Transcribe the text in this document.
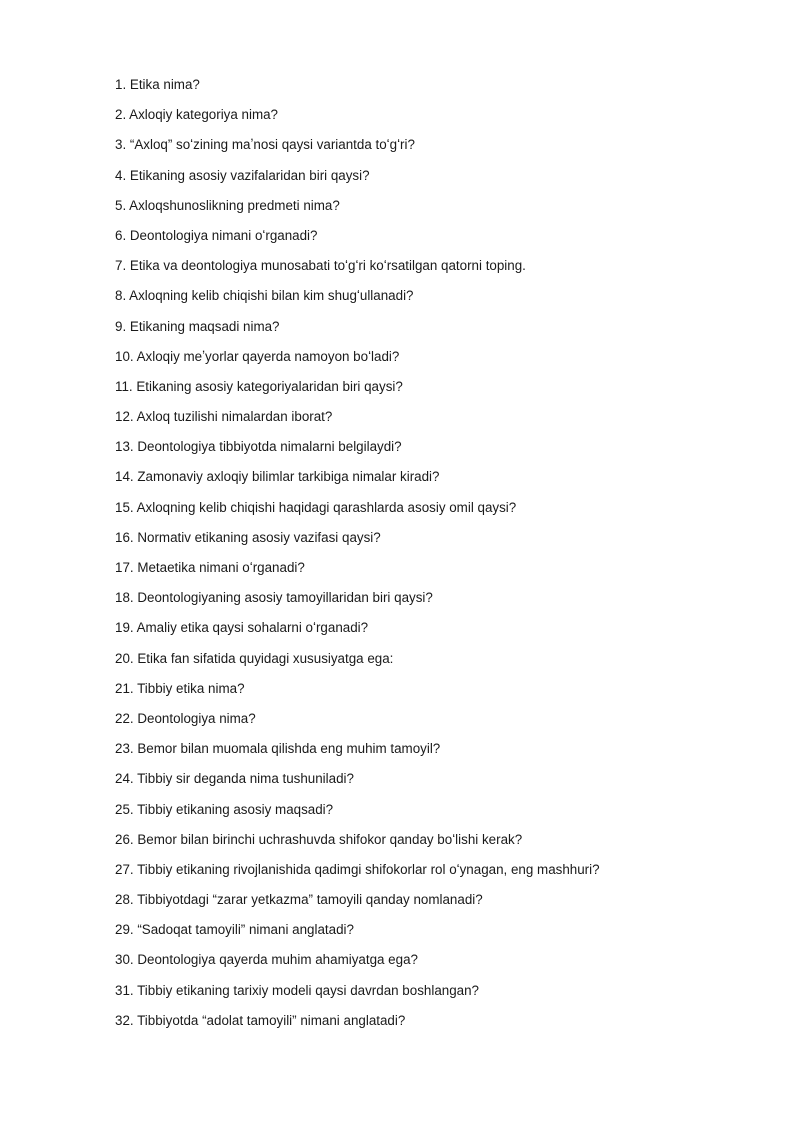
1. Etika nima?
2. Axloqiy kategoriya nima?
3. “Axloq” soʻzining maʼnosi qaysi variantda toʻgʻri?
4. Etikaning asosiy vazifalaridan biri qaysi?
5. Axloqshunoslikning predmeti nima?
6. Deontologiya nimani oʻrganadi?
7. Etika va deontologiya munosabati toʻgʻri koʻrsatilgan qatorni toping.
8. Axloqning kelib chiqishi bilan kim shugʻullanadi?
9. Etikaning maqsadi nima?
10. Axloqiy meʼyorlar qayerda namoyon boʻladi?
11. Etikaning asosiy kategoriyalaridan biri qaysi?
12. Axloq tuzilishi nimalardan iborat?
13. Deontologiya tibbiyotda nimalarni belgilaydi?
14. Zamonaviy axloqiy bilimlar tarkibiga nimalar kiradi?
15. Axloqning kelib chiqishi haqidagi qarashlarda asosiy omil qaysi?
16. Normativ etikaning asosiy vazifasi qaysi?
17. Metaetika nimani oʻrganadi?
18. Deontologiyaning asosiy tamoyillaridan biri qaysi?
19. Amaliy etika qaysi sohalarni oʻrganadi?
20. Etika fan sifatida quyidagi xususiyatga ega:
21. Tibbiy etika nima?
22. Deontologiya nima?
23. Bemor bilan muomala qilishda eng muhim tamoyil?
24. Tibbiy sir deganda nima tushuniladi?
25. Tibbiy etikaning asosiy maqsadi?
26. Bemor bilan birinchi uchrashuvda shifokor qanday boʻlishi kerak?
27. Tibbiy etikaning rivojlanishida qadimgi shifokorlar rol oʻynagan, eng mashhuri?
28. Tibbiyotdagi “zarar yetkazma” tamoyili qanday nomlanadi?
29. “Sadoqat tamoyili” nimani anglatadi?
30. Deontologiya qayerda muhim ahamiyatga ega?
31. Tibbiy etikaning tarixiy modeli qaysi davrdan boshlangan?
32. Tibbiyotda “adolat tamoyili” nimani anglatadi?
